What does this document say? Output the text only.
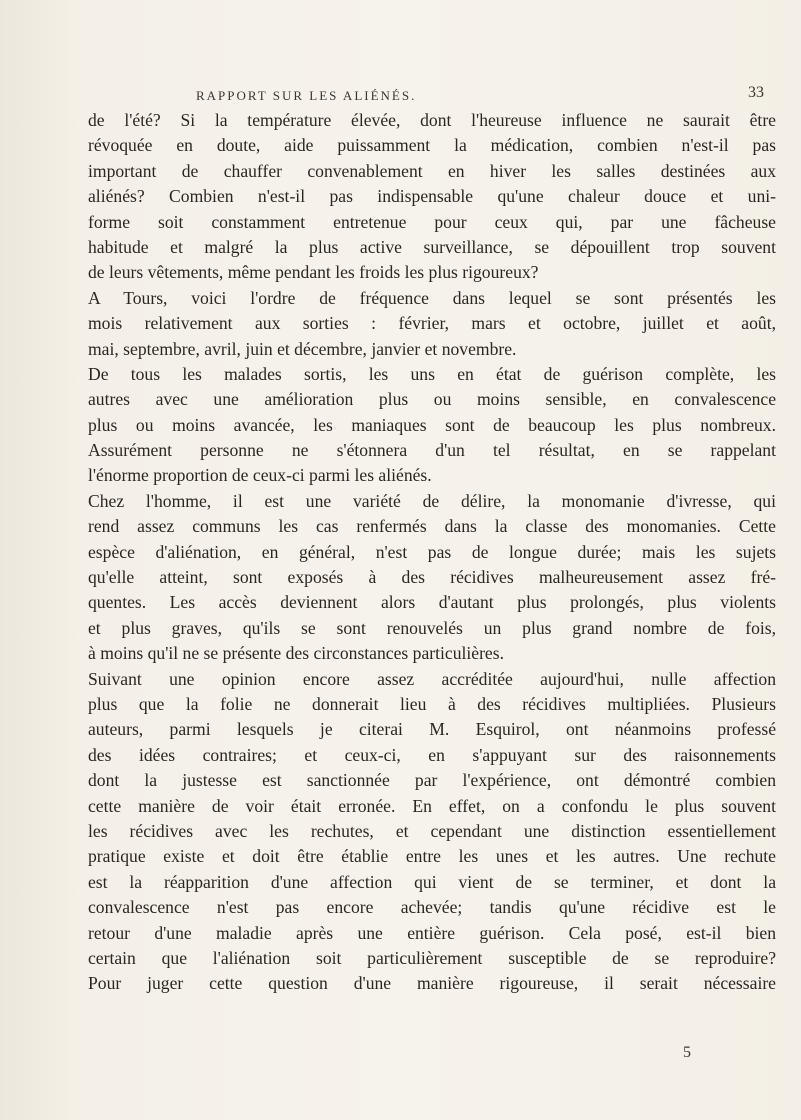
RAPPORT SUR LES ALIÉNÉS.	33
de l'été? Si la température élevée, dont l'heureuse influence ne saurait être
révoquée en doute, aide puissamment la médication, combien n'est-il pas
important de chauffer convenablement en hiver les salles destinées aux
aliénés? Combien n'est-il pas indispensable qu'une chaleur douce et uni-
forme soit constamment entretenue pour ceux qui, par une fâcheuse
habitude et malgré la plus active surveillance, se dépouillent trop souvent
de leurs vêtements, même pendant les froids les plus rigoureux?
A Tours, voici l'ordre de fréquence dans lequel se sont présentés les
mois relativement aux sorties : février, mars et octobre, juillet et août,
mai, septembre, avril, juin et décembre, janvier et novembre.
De tous les malades sortis, les uns en état de guérison complète, les
autres avec une amélioration plus ou moins sensible, en convalescence
plus ou moins avancée, les maniaques sont de beaucoup les plus nombreux.
Assurément personne ne s'étonnera d'un tel résultat, en se rappelant
l'énorme proportion de ceux-ci parmi les aliénés.
Chez l'homme, il est une variété de délire, la monomanie d'ivresse, qui
rend assez communs les cas renfermés dans la classe des monomanies. Cette
espèce d'aliénation, en général, n'est pas de longue durée; mais les sujets
qu'elle atteint, sont exposés à des récidives malheureusement assez fré-
quentes. Les accès deviennent alors d'autant plus prolongés, plus violents
et plus graves, qu'ils se sont renouvelés un plus grand nombre de fois,
à moins qu'il ne se présente des circonstances particulières.
Suivant une opinion encore assez accréditée aujourd'hui, nulle affection
plus que la folie ne donnerait lieu à des récidives multipliées. Plusieurs
auteurs, parmi lesquels je citerai M. Esquirol, ont néanmoins professé
des idées contraires; et ceux-ci, en s'appuyant sur des raisonnements
dont la justesse est sanctionnée par l'expérience, ont démontré combien
cette manière de voir était erronée. En effet, on a confondu le plus souvent
les récidives avec les rechutes, et cependant une distinction essentiellement
pratique existe et doit être établie entre les unes et les autres. Une rechute
est la réapparition d'une affection qui vient de se terminer, et dont la
convalescence n'est pas encore achevée; tandis qu'une récidive est le
retour d'une maladie après une entière guérison. Cela posé, est-il bien
certain que l'aliénation soit particulièrement susceptible de se reproduire?
Pour juger cette question d'une manière rigoureuse, il serait nécessaire
5
